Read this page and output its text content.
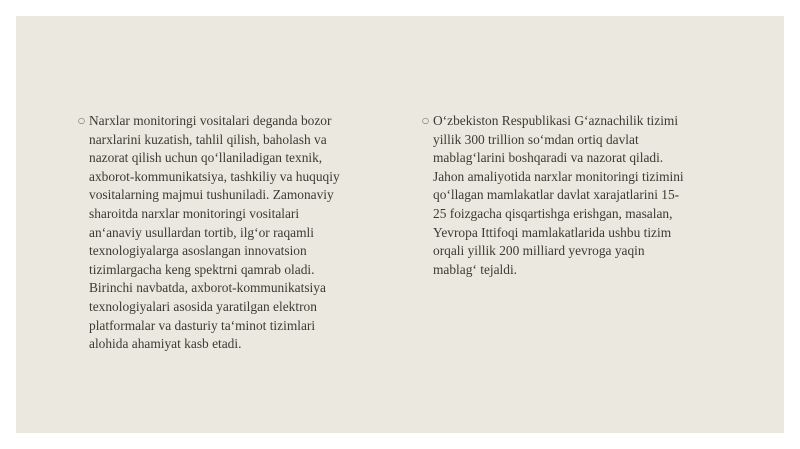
○ Narxlar monitoringi vositalari deganda bozor
narxlarini kuzatish, tahlil qilish, baholash va
nazorat qilish uchun qo‘llaniladigan texnik,
axborot-kommunikatsiya, tashkiliy va huquqiy
vositalarning majmui tushuniladi. Zamonaviy
sharoitda narxlar monitoringi vositalari
an‘anaviy usullardan tortib, ilg‘or raqamli
texnologiyalarga asoslangan innovatsion
tizimlargacha keng spektrni qamrab oladi.
Birinchi navbatda, axborot-kommunikatsiya
texnologiyalari asosida yaratilgan elektron
platformalar va dasturiy ta‘minot tizimlari
alohida ahamiyat kasb etadi.

○ O‘zbekiston Respublikasi G‘aznachilik tizimi
yillik 300 trillion so‘mdan ortiq davlat
mablag‘larini boshqaradi va nazorat qiladi.
Jahon amaliyotida narxlar monitoringi tizimini
qo‘llagan mamlakatlar davlat xarajatlarini 15-
25 foizgacha qisqartishga erishgan, masalan,
Yevropa Ittifoqi mamlakatlarida ushbu tizim
orqali yillik 200 milliard yevroga yaqin
mablag‘ tejaldi.
